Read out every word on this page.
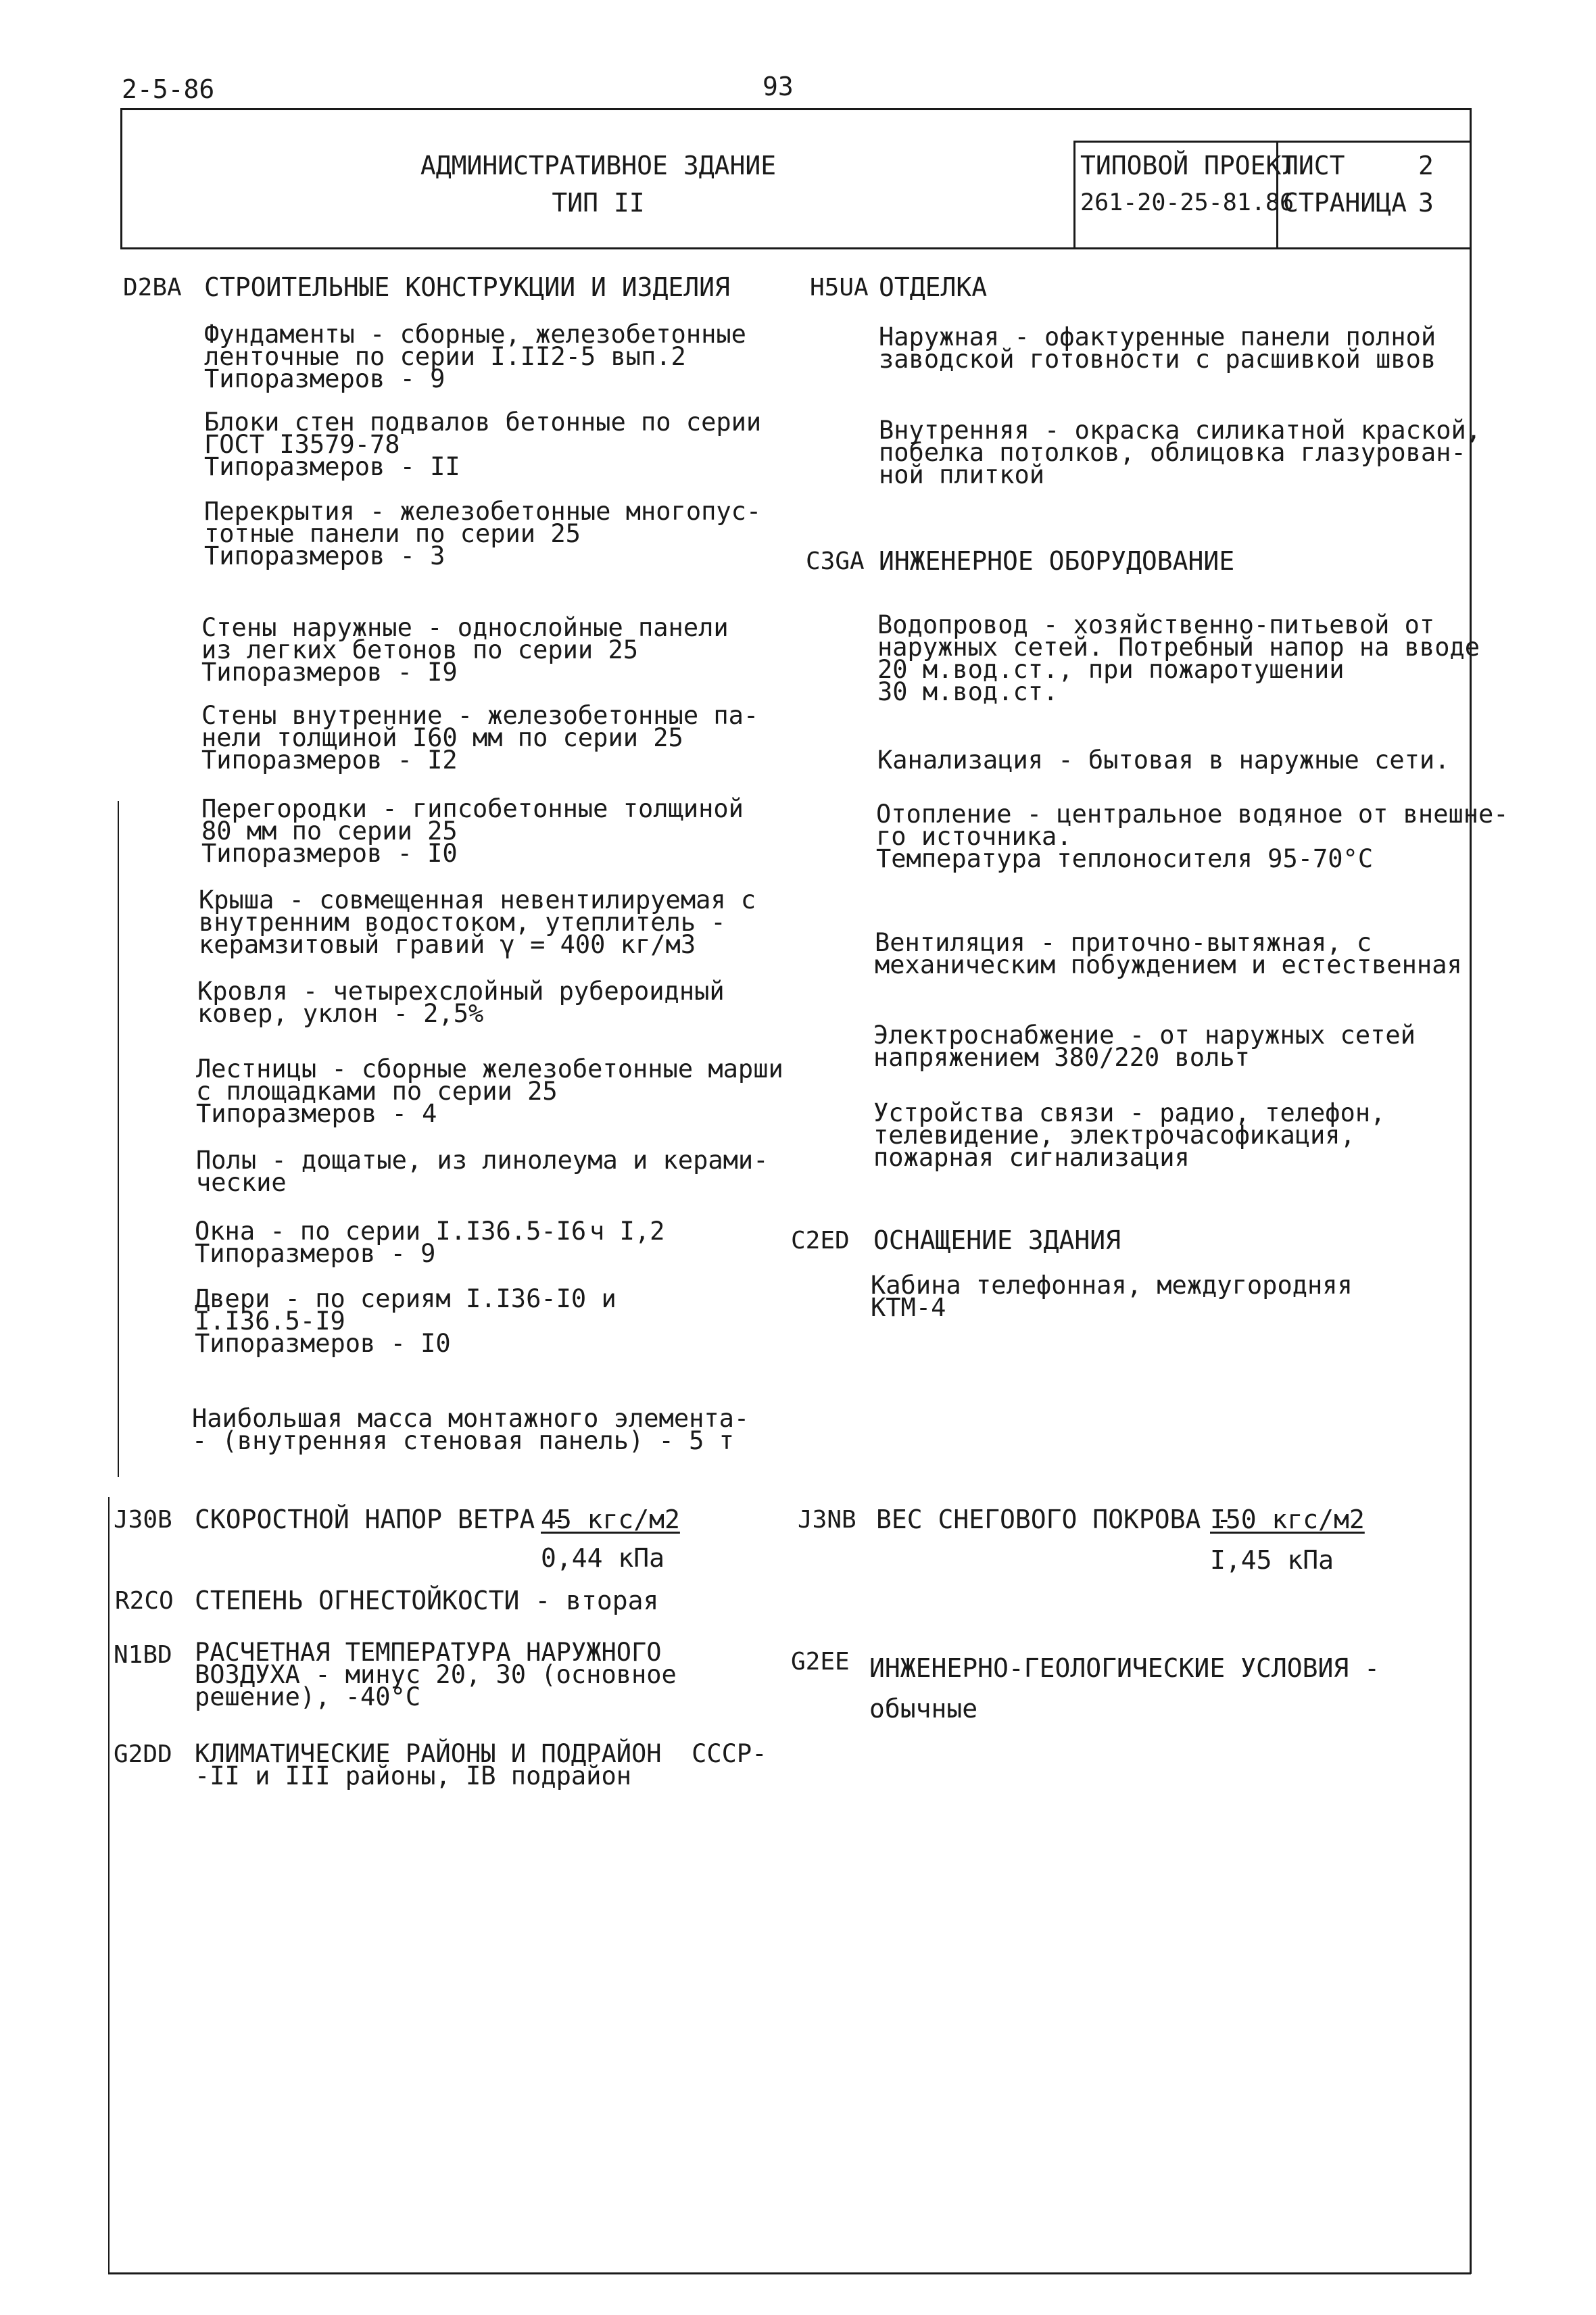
2-5-86	93
АДМИНИСТРАТИВНОЕ ЗДАНИЕ
ТИП II
ТИПОВОЙ ПРОЕКТ
261-20-25-81.86
ЛИСТ	2
СТРАНИЦА 3
D2BA СТРОИТЕЛЬНЫЕ КОНСТРУКЦИИ И ИЗДЕЛИЯ
Фундаменты - сборные, железобетонные
ленточные по серии I.II2-5 вып.2
Типоразмеров - 9
Блоки стен подвалов бетонные по серии
ГОСТ I3579-78
Типоразмеров - II
Перекрытия - железобетонные многопус-
тотные панели по серии 25
Типоразмеров - 3
Стены наружные - однослойные панели
из легких бетонов по серии 25
Типоразмеров - I9
Стены внутренние - железобетонные па-
нели толщиной I60 мм по серии 25
Типоразмеров - I2
Перегородки - гипсобетонные толщиной
80 мм по серии 25
Типоразмеров - I0
Крыша - совмещенная невентилируемая с
внутренним водостоком, утеплитель -
керамзитовый гравий γ = 400 кг/м3
Кровля - четырехслойный рубероидный
ковер, уклон - 2,5%
Лестницы - сборные железобетонные марши
с площадками по серии 25
Типоразмеров - 4
Полы - дощатые, из линолеума и керами-
ческие
Окна - по серии I.I36.5-I6
Типоразмеров - 9
ч I,2
Двери - по сериям I.I36-I0 и
I.I36.5-I9
Типоразмеров - I0
Наибольшая масса монтажного элемента-
- (внутренняя стеновая панель) - 5 т
H5UA ОТДЕЛКА
Наружная - офактуренные панели полной
заводской готовности с расшивкой швов
Внутренняя - окраска силикатной краской,
побелка потолков, облицовка глазурован-
ной плиткой
C3GA ИНЖЕНЕРНОЕ ОБОРУДОВАНИЕ
Водопровод - хозяйственно-питьевой от
наружных сетей. Потребный напор на вводе
20 м.вод.ст., при пожаротушении
30 м.вод.ст.
Канализация - бытовая в наружные сети.
Отопление - центральное водяное от внешне-
го источника.
Температура теплоносителя 95-70°С
Вентиляция - приточно-вытяжная, с
механическим побуждением и естественная
Электроснабжение - от наружных сетей
напряжением 380/220 вольт
Устройства связи - радио, телефон,
телевидение, электрочасофикация,
пожарная сигнализация
C2ED ОСНАЩЕНИЕ ЗДАНИЯ
Кабина телефонная, междугородняя
КТМ-4
J30B СКОРОСТНОЙ НАПОР ВЕТРА -
45 кгс/м2
0,44 кПа
J3NB ВЕС СНЕГОВОГО ПОКРОВА -
I50 кгс/м2
I,45 кПа
R2CO СТЕПЕНЬ ОГНЕСТОЙКОСТИ - вторая
N1BD РАСЧЕТНАЯ ТЕМПЕРАТУРА НАРУЖНОГО
ВОЗДУХА - минус 20, 30 (основное
решение), -40°С
G2EE ИНЖЕНЕРНО-ГЕОЛОГИЧЕСКИЕ УСЛОВИЯ -
обычные
G2DD КЛИМАТИЧЕСКИЕ РАЙОНЫ И ПОДРАЙОН  СССР-
-II и III районы, IB подрайон
